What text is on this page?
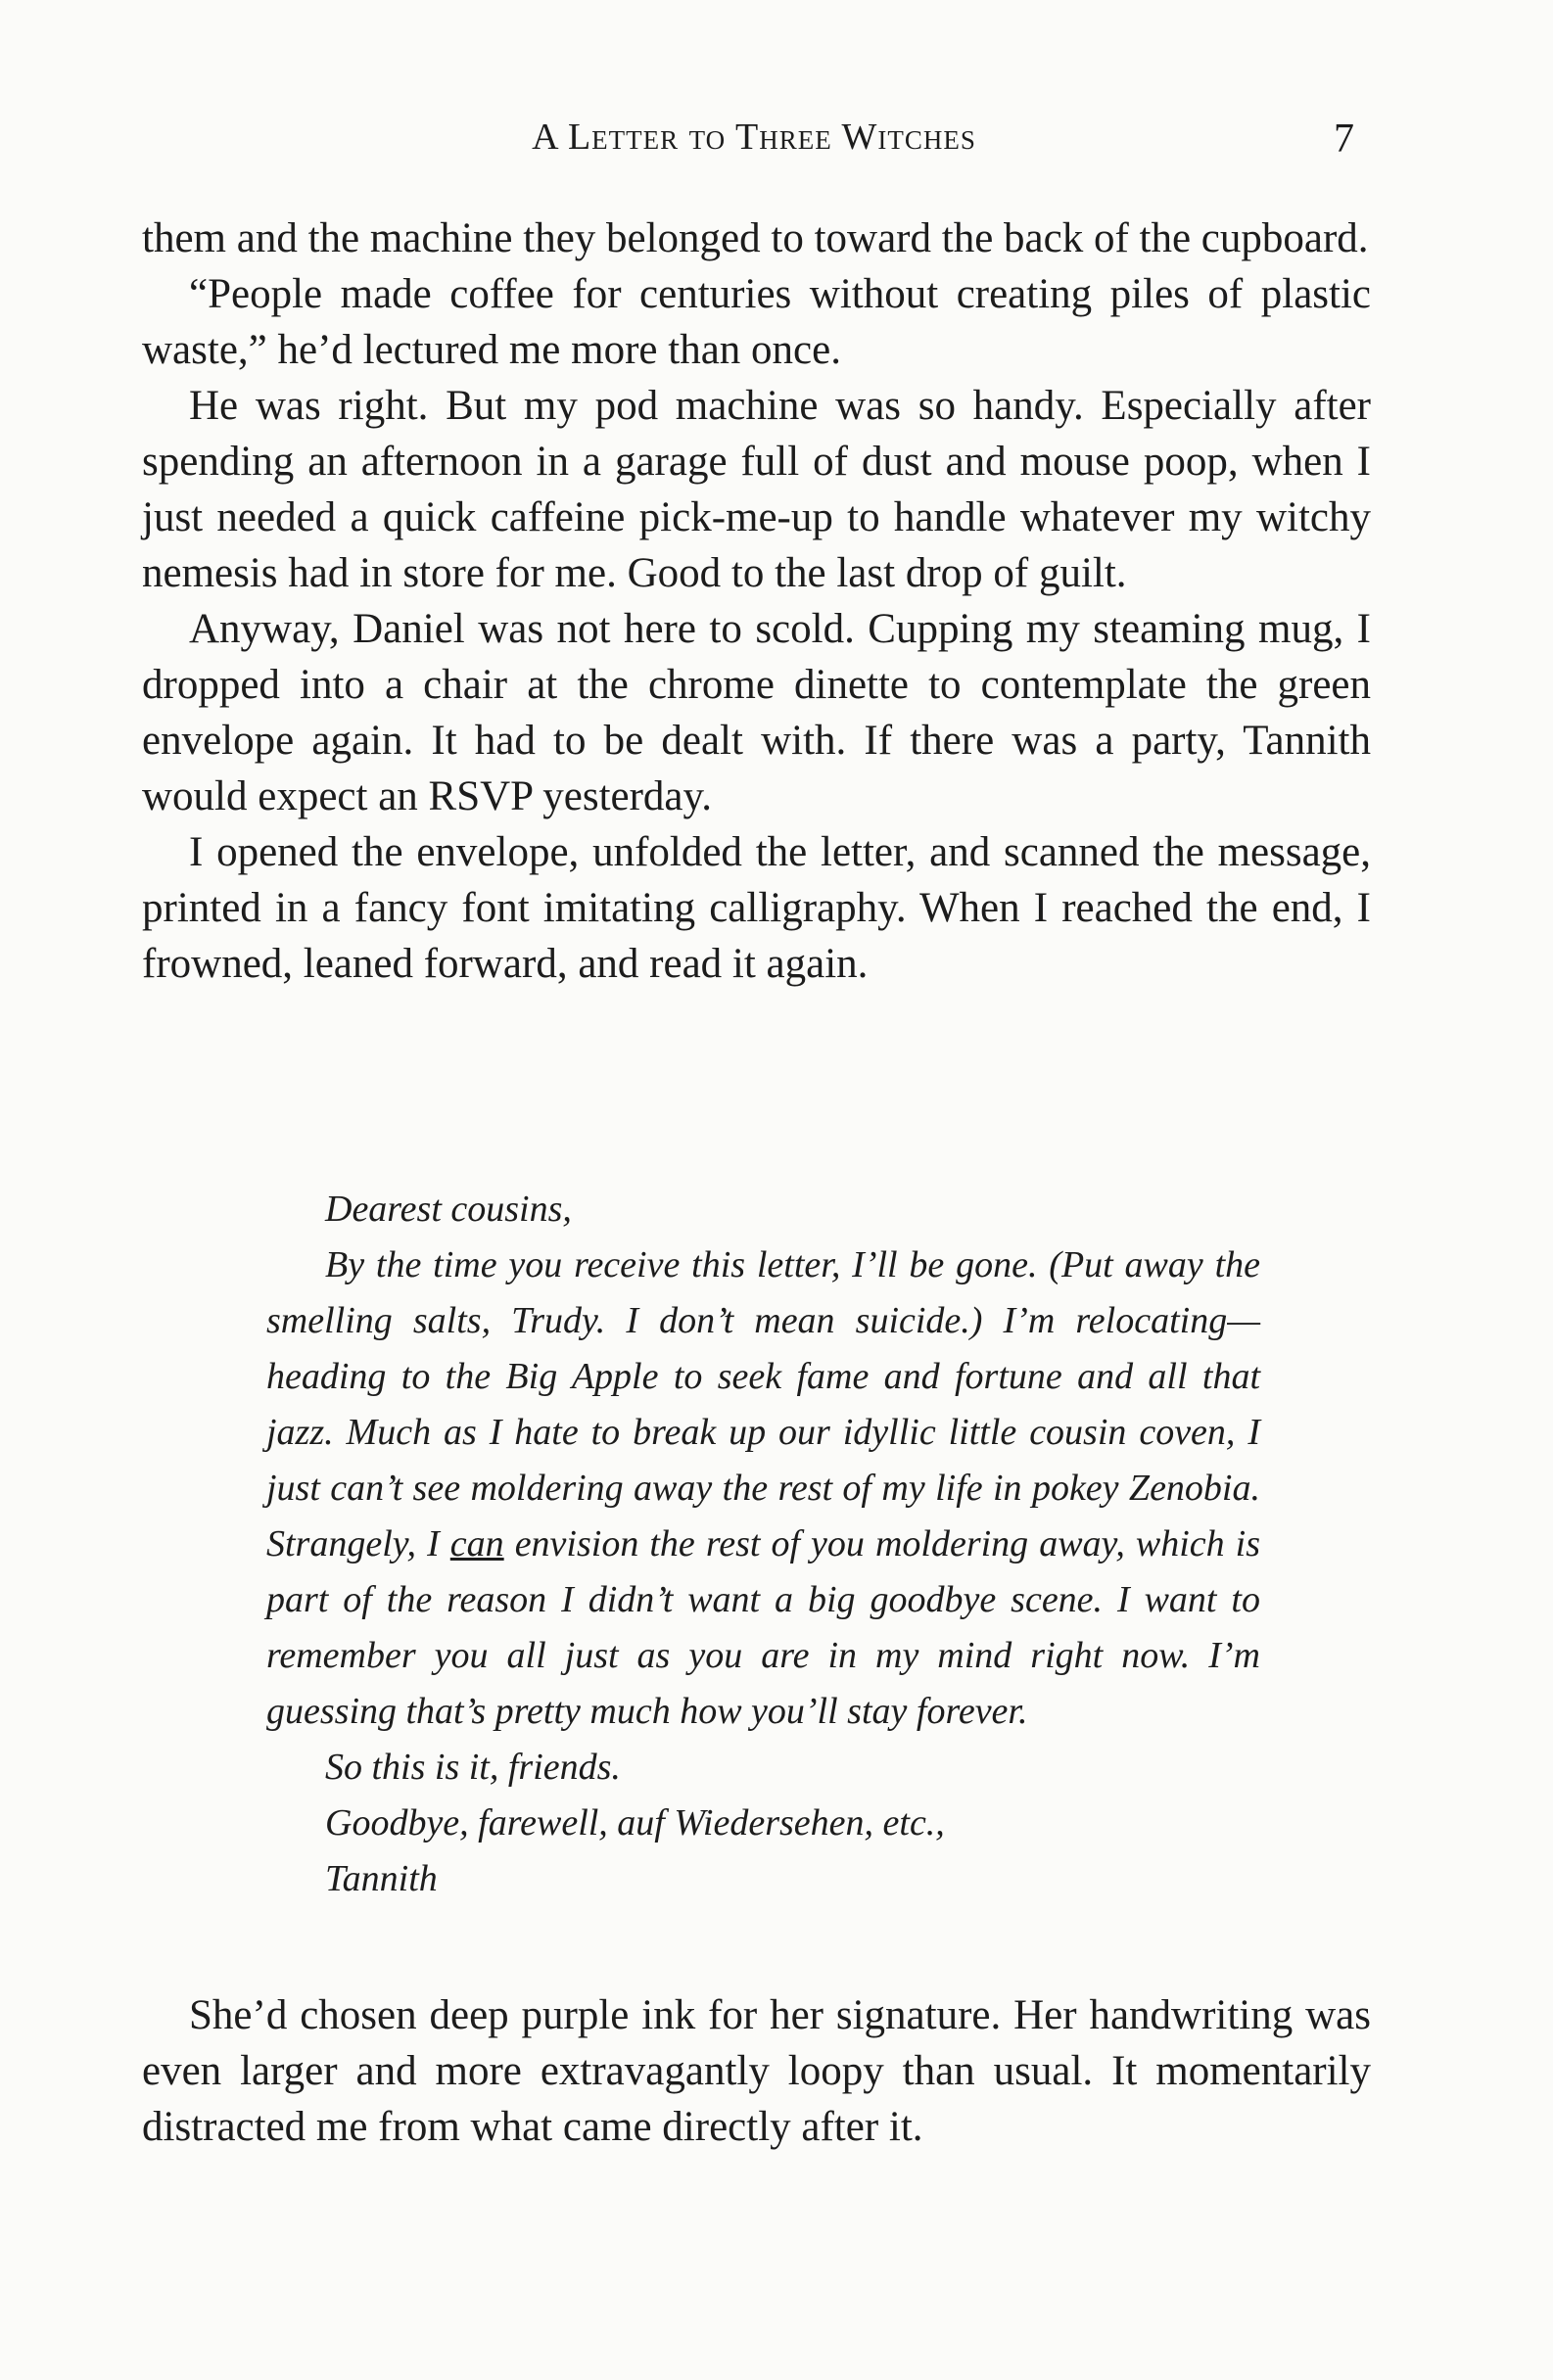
A Letter to Three Witches	7

them and the machine they belonged to toward the back of the cupboard.

“People made coffee for centuries without creating piles of plastic waste,” he’d lectured me more than once.

He was right. But my pod machine was so handy. Especially after spending an afternoon in a garage full of dust and mouse poop, when I just needed a quick caffeine pick-me-up to handle whatever my witchy nemesis had in store for me. Good to the last drop of guilt.

Anyway, Daniel was not here to scold. Cupping my steaming mug, I dropped into a chair at the chrome dinette to contemplate the green envelope again. It had to be dealt with. If there was a party, Tannith would expect an RSVP yesterday.

I opened the envelope, unfolded the letter, and scanned the message, printed in a fancy font imitating calligraphy. When I reached the end, I frowned, leaned forward, and read it again.

Dearest cousins,

By the time you receive this letter, I’ll be gone. (Put away the smelling salts, Trudy. I don’t mean suicide.) I’m relocating—heading to the Big Apple to seek fame and fortune and all that jazz. Much as I hate to break up our idyllic little cousin coven, I just can’t see moldering away the rest of my life in pokey Zenobia. Strangely, I can envision the rest of you moldering away, which is part of the reason I didn’t want a big goodbye scene. I want to remember you all just as you are in my mind right now. I’m guessing that’s pretty much how you’ll stay forever.

So this is it, friends.

Goodbye, farewell, auf Wiedersehen, etc.,

Tannith

She’d chosen deep purple ink for her signature. Her handwriting was even larger and more extravagantly loopy than usual. It momentarily distracted me from what came directly after it.
